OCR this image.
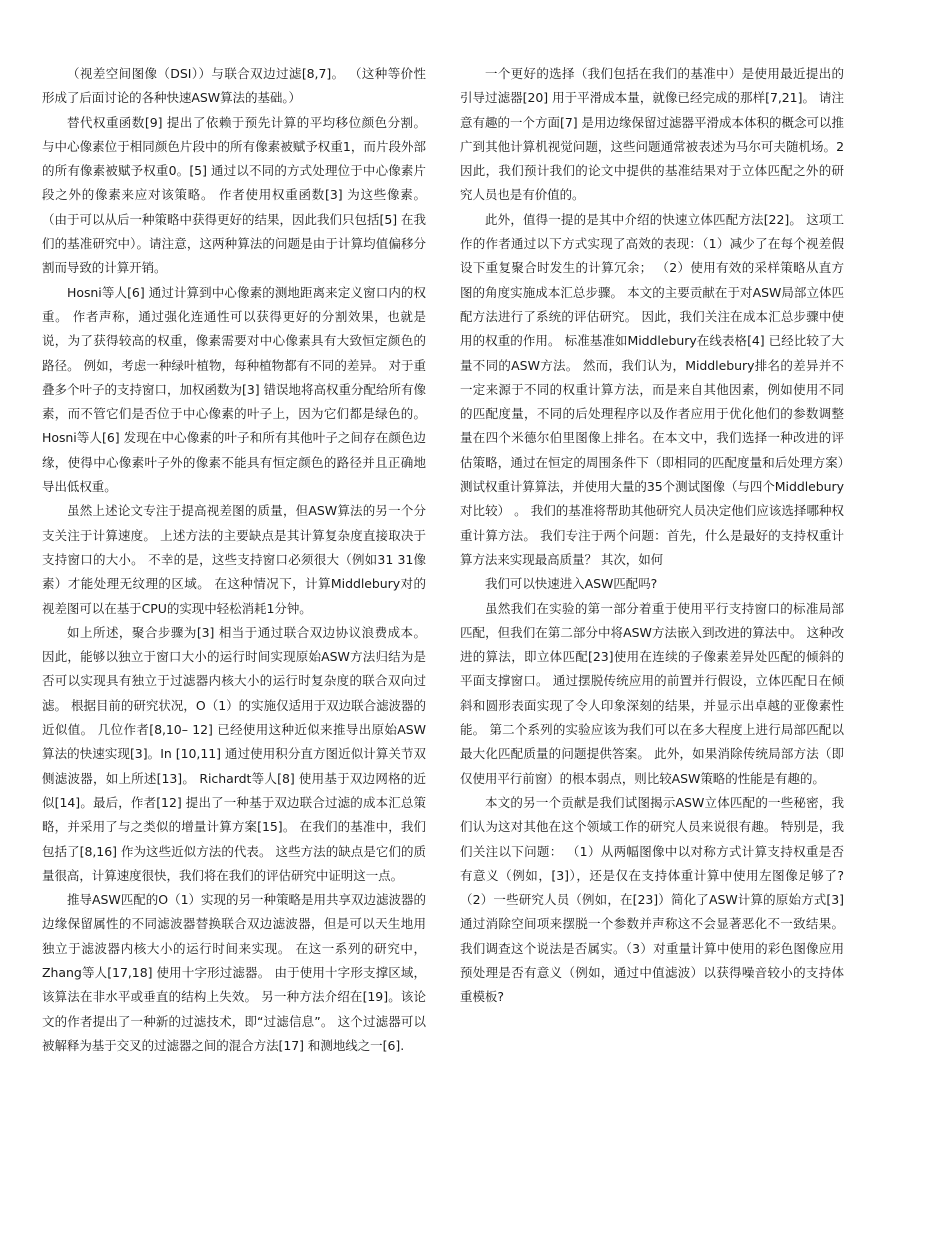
（视差空间图像（DSI））与联合双边过滤[8,7]。 （这种等价性形成了后面讨论的各种快速ASW算法的基础。）

替代权重函数[9] 提出了依赖于预先计算的平均移位颜色分割。 与中心像素位于相同颜色片段中的所有像素被赋予权重1，而片段外部的所有像素被赋予权重0。[5] 通过以不同的方式处理位于中心像素片段之外的像素来应对该策略。 作者使用权重函数[3] 为这些像素。 （由于可以从后一种策略中获得更好的结果，因此我们只包括[5] 在我们的基准研究中）。请注意，这两种算法的问题是由于计算均值偏移分割而导致的计算开销。

Hosni等人[6] 通过计算到中心像素的测地距离来定义窗口内的权重。 作者声称，通过强化连通性可以获得更好的分割效果，也就是说，为了获得较高的权重，像素需要对中心像素具有大致恒定颜色的路径。 例如，考虑一种绿叶植物，每种植物都有不同的差异。 对于重叠多个叶子的支持窗口，加权函数为[3] 错误地将高权重分配给所有像素，而不管它们是否位于中心像素的叶子上，因为它们都是绿色的。 Hosni等人[6] 发现在中心像素的叶子和所有其他叶子之间存在颜色边缘，使得中心像素叶子外的像素不能具有恒定颜色的路径并且正确地导出低权重。

虽然上述论文专注于提高视差图的质量，但ASW算法的另一个分支关注于计算速度。 上述方法的主要缺点是其计算复杂度直接取决于支持窗口的大小。 不幸的是，这些支持窗口必须很大（例如31 31像素）才能处理无纹理的区域。 在这种情况下，计算Middlebury对的视差图可以在基于CPU的实现中轻松消耗1分钟。

如上所述，聚合步骤为[3] 相当于通过联合双边协议浪费成本。 因此，能够以独立于窗口大小的运行时间实现原始ASW方法归结为是否可以实现具有独立于过滤器内核大小的运行时复杂度的联合双向过滤。 根据目前的研究状况，O（1）的实施仅适用于双边联合滤波器的近似值。 几位作者[8,10– 12] 已经使用这种近似来推导出原始ASW算法的快速实现[3]。In [10,11] 通过使用积分直方图近似计算关节双侧滤波器，如上所述[13]。 Richardt等人[8] 使用基于双边网格的近似[14]。最后，作者[12] 提出了一种基于双边联合过滤的成本汇总策略，并采用了与之类似的增量计算方案[15]。 在我们的基准中，我们包括了[8,16] 作为这些近似方法的代表。 这些方法的缺点是它们的质量很高，计算速度很快，我们将在我们的评估研究中证明这一点。

推导ASW匹配的O（1）实现的另一种策略是用共享双边滤波器的边缘保留属性的不同滤波器替换联合双边滤波器，但是可以天生地用独立于滤波器内核大小的运行时间来实现。 在这一系列的研究中，Zhang等人[17,18] 使用十字形过滤器。 由于使用十字形支撑区域，该算法在非水平或垂直的结构上失效。 另一种方法介绍在[19]。该论文的作者提出了一种新的过滤技术，即“过滤信息”。 这个过滤器可以被解释为基于交叉的过滤器之间的混合方法[17] 和测地线之一[6].

一个更好的选择（我们包括在我们的基准中）是使用最近提出的引导过滤器[20] 用于平滑成本量，就像已经完成的那样[7,21]。 请注意有趣的一个方面[7] 是用边缘保留过滤器平滑成本体积的概念可以推广到其他计算机视觉问题，这些问题通常被表述为马尔可夫随机场。2 因此，我们预计我们的论文中提供的基准结果对于立体匹配之外的研究人员也是有价值的。

此外，值得一提的是其中介绍的快速立体匹配方法[22]。 这项工作的作者通过以下方式实现了高效的表现：（1）减少了在每个视差假设下重复聚合时发生的计算冗余； （2）使用有效的采样策略从直方图的角度实施成本汇总步骤。 本文的主要贡献在于对ASW局部立体匹配方法进行了系统的评估研究。 因此，我们关注在成本汇总步骤中使用的权重的作用。 标准基准如Middlebury在线表格[4] 已经比较了大量不同的ASW方法。 然而，我们认为，Middlebury排名的差异并不一定来源于不同的权重计算方法，而是来自其他因素，例如使用不同的匹配度量，不同的后处理程序以及作者应用于优化他们的参数调整量在四个米德尔伯里图像上排名。在本文中，我们选择一种改进的评估策略，通过在恒定的周围条件下（即相同的匹配度量和后处理方案）测试权重计算算法，并使用大量的35个测试图像（与四个Middlebury对比较） 。 我们的基准将帮助其他研究人员决定他们应该选择哪种权重计算方法。 我们专注于两个问题：首先，什么是最好的支持权重计算方法来实现最高质量？ 其次，如何

我们可以快速进入ASW匹配吗?

虽然我们在实验的第一部分着重于使用平行支持窗口的标准局部匹配，但我们在第二部分中将ASW方法嵌入到改进的算法中。 这种改进的算法，即立体匹配[23]使用在连续的子像素差异处匹配的倾斜的平面支撑窗口。 通过摆脱传统应用的前置并行假设，立体匹配日在倾斜和圆形表面实现了令人印象深刻的结果，并显示出卓越的亚像素性能。 第二个系列的实验应该为我们可以在多大程度上进行局部匹配以最大化匹配质量的问题提供答案。 此外，如果消除传统局部方法（即仅使用平行前窗）的根本弱点，则比较ASW策略的性能是有趣的。

本文的另一个贡献是我们试图揭示ASW立体匹配的一些秘密，我们认为这对其他在这个领域工作的研究人员来说很有趣。 特别是，我们关注以下问题： （1）从两幅图像中以对称方式计算支持权重是否有意义（例如，[3]），还是仅在支持体重计算中使用左图像足够了? （2）一些研究人员（例如，在[23]）简化了ASW计算的原始方式[3] 通过消除空间项来摆脱一个参数并声称这不会显著恶化不一致结果。我们调查这个说法是否属实。（3）对重量计算中使用的彩色图像应用预处理是否有意义（例如，通过中值滤波）以获得噪音较小的支持体重模板?
